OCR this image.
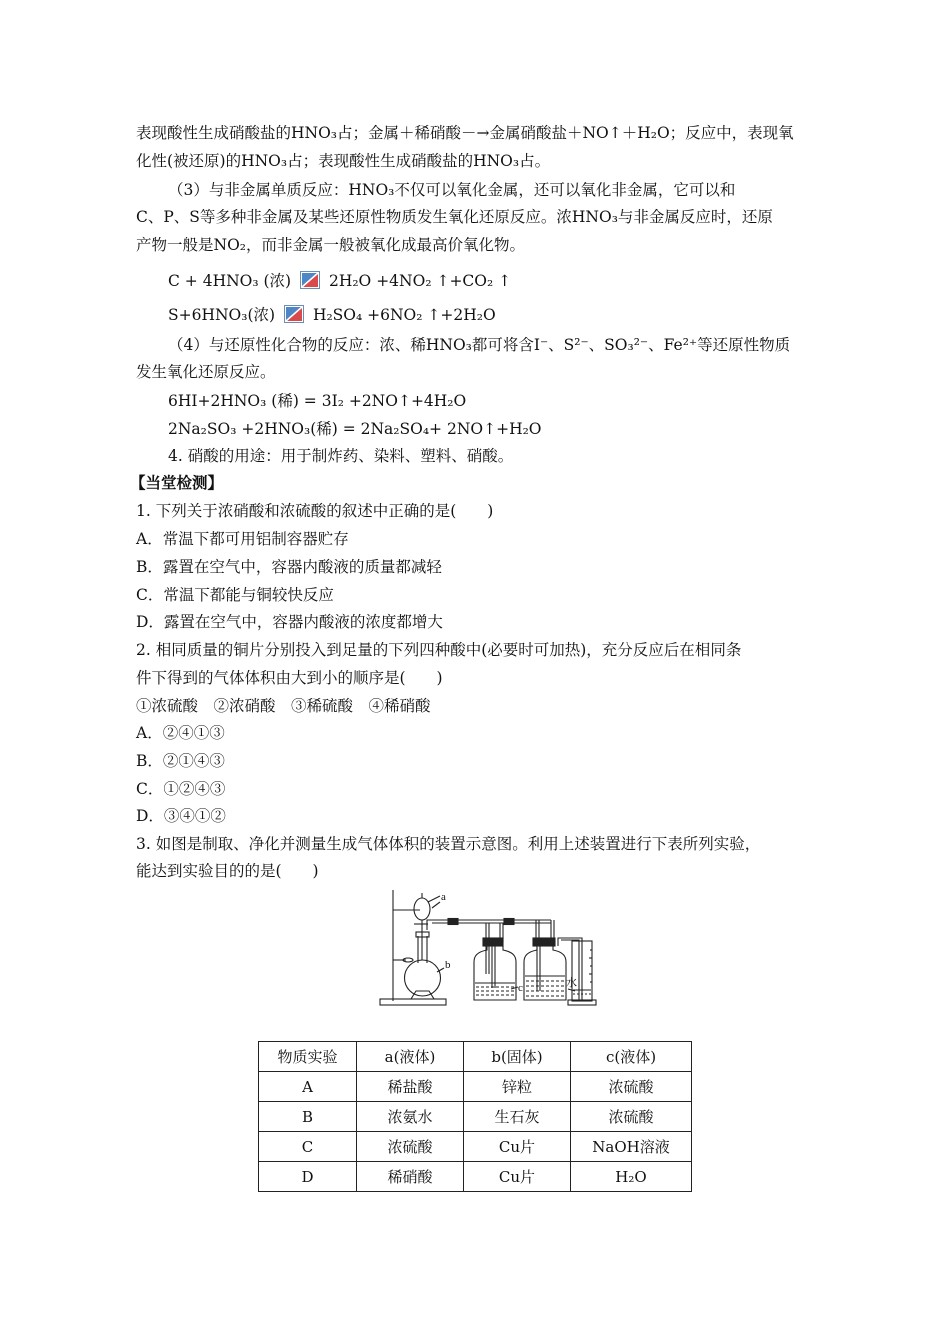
表现酸性生成硝酸盐的HNO₃占；金属＋稀硝酸－→金属硝酸盐＋NO↑＋H₂O；反应中，表现氧
化性(被还原)的HNO₃占；表现酸性生成硝酸盐的HNO₃占。
（3）与非金属单质反应：HNO₃不仅可以氧化金属，还可以氧化非金属，它可以和
C、P、S等多种非金属及某些还原性物质发生氧化还原反应。浓HNO₃与非金属反应时，还原
产物一般是NO₂，而非金属一般被氧化成最高价氧化物。
C + 4HNO₃ (浓) 2H₂O +4NO₂ ↑+CO₂ ↑
S+6HNO₃(浓) H₂SO₄ +6NO₂ ↑+2H₂O
（4）与还原性化合物的反应：浓、稀HNO₃都可将含I⁻、S²⁻、SO₃²⁻、Fe²⁺等还原性物质
发生氧化还原反应。
6HI+2HNO₃ (稀) = 3I₂ +2NO↑+4H₂O
2Na₂SO₃ +2HNO₃(稀) = 2Na₂SO₄+ 2NO↑+H₂O
4. 硝酸的用途：用于制炸药、染料、塑料、硝酸。
【当堂检测】
1. 下列关于浓硝酸和浓硫酸的叙述中正确的是(　　)
A．常温下都可用铝制容器贮存
B．露置在空气中，容器内酸液的质量都减轻
C．常温下都能与铜较快反应
D．露置在空气中，容器内酸液的浓度都增大
2. 相同质量的铜片分别投入到足量的下列四种酸中(必要时可加热)，充分反应后在相同条
件下得到的气体体积由大到小的顺序是(　　)
①浓硫酸　②浓硝酸　③稀硫酸　④稀硝酸
A．②④①③
B．②①④③
C．①②④③
D．③④①②
3. 如图是制取、净化并测量生成气体体积的装置示意图。利用上述装置进行下表所列实验，
能达到实验目的的是(　　)
a
b
c	水
物质实验	a(液体)	b(固体)	c(液体)
A	稀盐酸	锌粒	浓硫酸
B	浓氨水	生石灰	浓硫酸
C	浓硫酸	Cu片	NaOH溶液
D	稀硝酸	Cu片	H₂O
